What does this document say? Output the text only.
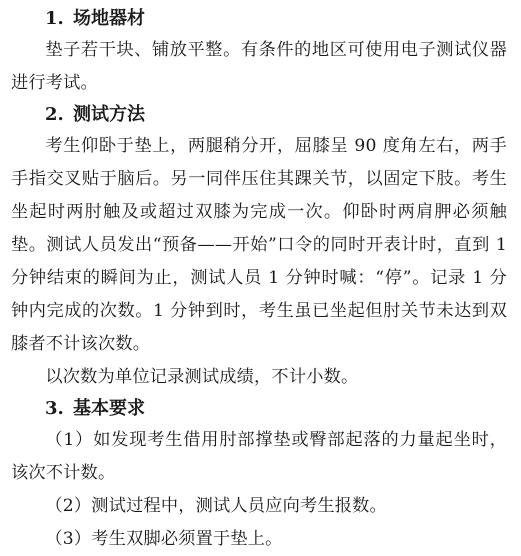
1. 场地器材

垫子若干块、铺放平整。有条件的地区可使用电子测试仪器进行考试。

2. 测试方法

考生仰卧于垫上，两腿稍分开，屈膝呈 90 度角左右，两手手指交叉贴于脑后。另一同伴压住其踝关节，以固定下肢。考生坐起时两肘触及或超过双膝为完成一次。仰卧时两肩胛必须触垫。测试人员发出“预备——开始”口令的同时开表计时，直到 1 分钟结束的瞬间为止，测试人员 1 分钟时喊：“停”。记录 1 分钟内完成的次数。1 分钟到时，考生虽已坐起但肘关节未达到双膝者不计该次数。

以次数为单位记录测试成绩，不计小数。

3. 基本要求

（1）如发现考生借用肘部撑垫或臀部起落的力量起坐时，该次不计数。

（2）测试过程中，测试人员应向考生报数。

（3）考生双脚必须置于垫上。
